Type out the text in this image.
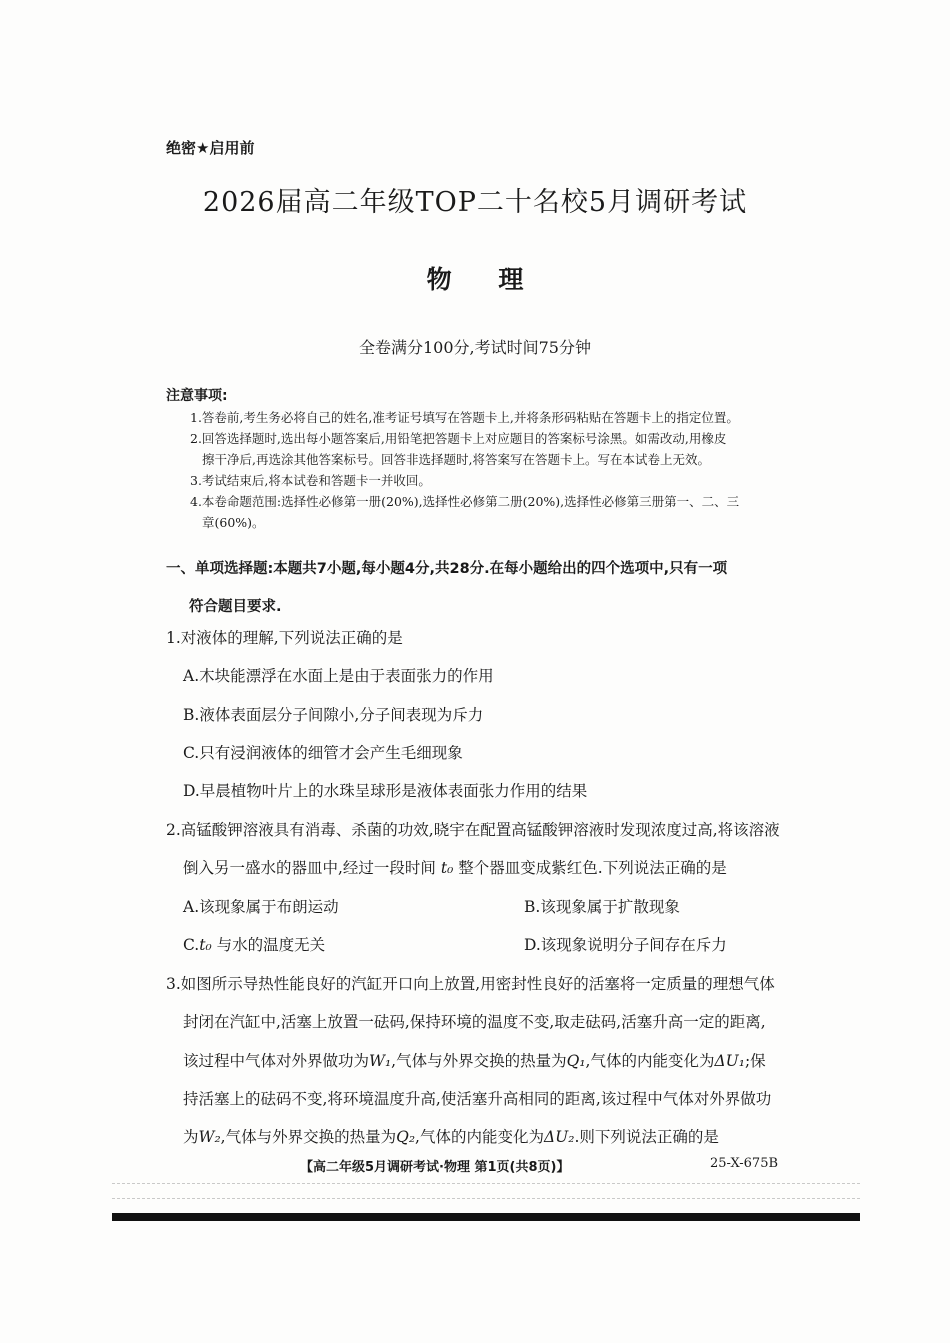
绝密★启用前
2026届高二年级TOP二十名校5月调研考试
物 理
全卷满分100分,考试时间75分钟
注意事项:

1.答卷前,考生务必将自己的姓名,准考证号填写在答题卡上,并将条形码粘贴在答题卡上的指定位置。

2.回答选择题时,选出每小题答案后,用铅笔把答题卡上对应题目的答案标号涂黑。如需改动,用橡皮
擦干净后,再选涂其他答案标号。回答非选择题时,将答案写在答题卡上。写在本试卷上无效。

3.考试结束后,将本试卷和答题卡一并收回。

4.本卷命题范围:选择性必修第一册(20%),选择性必修第二册(20%),选择性必修第三册第一、二、三
章(60%)。

一、单项选择题:本题共7小题,每小题4分,共28分.在每小题给出的四个选项中,只有一项
符合题目要求.
1.对液体的理解,下列说法正确的是
A.木块能漂浮在水面上是由于表面张力的作用
B.液体表面层分子间隙小,分子间表现为斥力
C.只有浸润液体的细管才会产生毛细现象
D.早晨植物叶片上的水珠呈球形是液体表面张力作用的结果
2.高锰酸钾溶液具有消毒、杀菌的功效,晓宇在配置高锰酸钾溶液时发现浓度过高,将该溶液
倒入另一盛水的器皿中,经过一段时间 t₀ 整个器皿变成紫红色.下列说法正确的是
A.该现象属于布朗运动	B.该现象属于扩散现象
C.t₀ 与水的温度无关	D.该现象说明分子间存在斥力
3.如图所示导热性能良好的汽缸开口向上放置,用密封性良好的活塞将一定质量的理想气体
封闭在汽缸中,活塞上放置一砝码,保持环境的温度不变,取走砝码,活塞升高一定的距离,
该过程中气体对外界做功为W₁,气体与外界交换的热量为Q₁,气体的内能变化为ΔU₁;保
持活塞上的砝码不变,将环境温度升高,使活塞升高相同的距离,该过程中气体对外界做功
为W₂,气体与外界交换的热量为Q₂,气体的内能变化为ΔU₂.则下列说法正确的是
【高二年级5月调研考试·物理 第1页(共8页)】	25-X-675B
